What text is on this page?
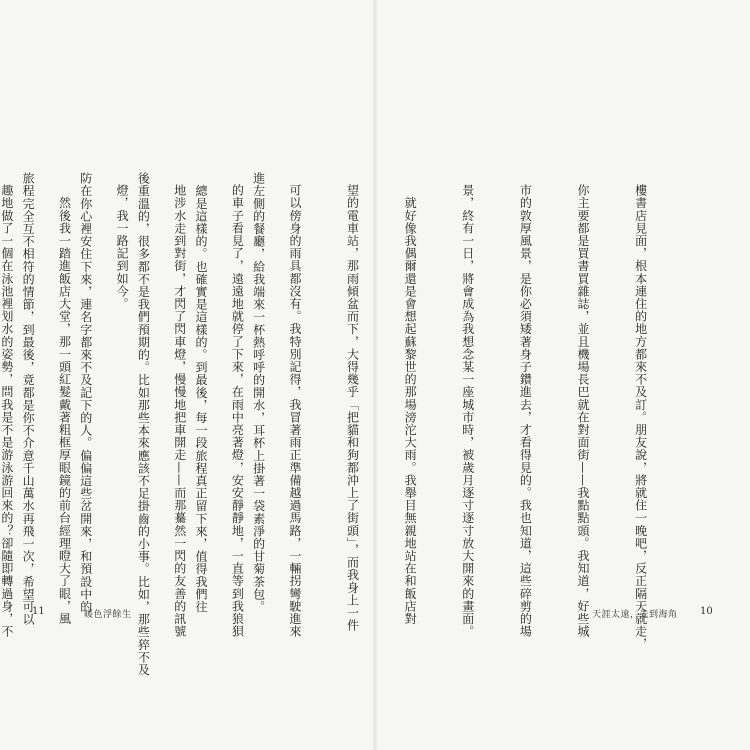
樓書店見面，根本連住的地方都來不及訂。朋友說，將就住一晚吧，反正隔天就走，

你主要都是買書買雜誌，並且機場長巴就在對面街——我點點頭。我知道，好些城

市的敦厚風景，是你必須矮著身子鑽進去，才看得見的。我也知道，這些碎剪的場

景，終有一日，將會成為我想念某一座城市時，被歲月逐寸逐寸放大開來的畫面。

　就好像我偶爾還是會想起蘇黎世的那場滂沱大雨。我舉目無親地站在和飯店對

望的電車站，那雨傾盆而下，大得幾乎「把貓和狗都沖上了街頭」，而我身上一件

可以傍身的雨具都沒有。我特別記得，我冒著雨正準備越過馬路，一輛拐彎駛進來

的車子看見了，遠遠地就停了下來，在雨中亮著燈，安安靜靜地，一直等到我狼狽

地涉水走到對街，才閃了閃車燈，慢慢地把車開走——而那驀然一閃的友善的訊號

燈，我一路記到如今。

　然後我一踏進飯店大堂，那一頭紅髮戴著粗框厚眼鏡的前台經理瞪大了眼，風

趣地做了一個在泳池裡划水的姿勢，問我是不是游泳游回來的？卻隨即轉過身，不

	進左側的餐廳，給我端來一杯熱呼呼的開水，耳杯上掛著一袋素淨的甘菊茶包。

　總是這樣的。也確實是這樣的。到最後，每一段旅程真正留下來，值得我們往

後重溫的，很多都不是我們預期的。比如那些本來應該不足掛齒的小事。比如，那些猝不及

防在你心裡安住下來，連名字都來不及記下的人。偏偏這些岔開來，和預設中的

旅程完全互不相符的情節，到最後，竟都是你不介意千山萬水再飛一次，希望可以

11	暖色浮餘生	天涯太遠，先到海角 10
